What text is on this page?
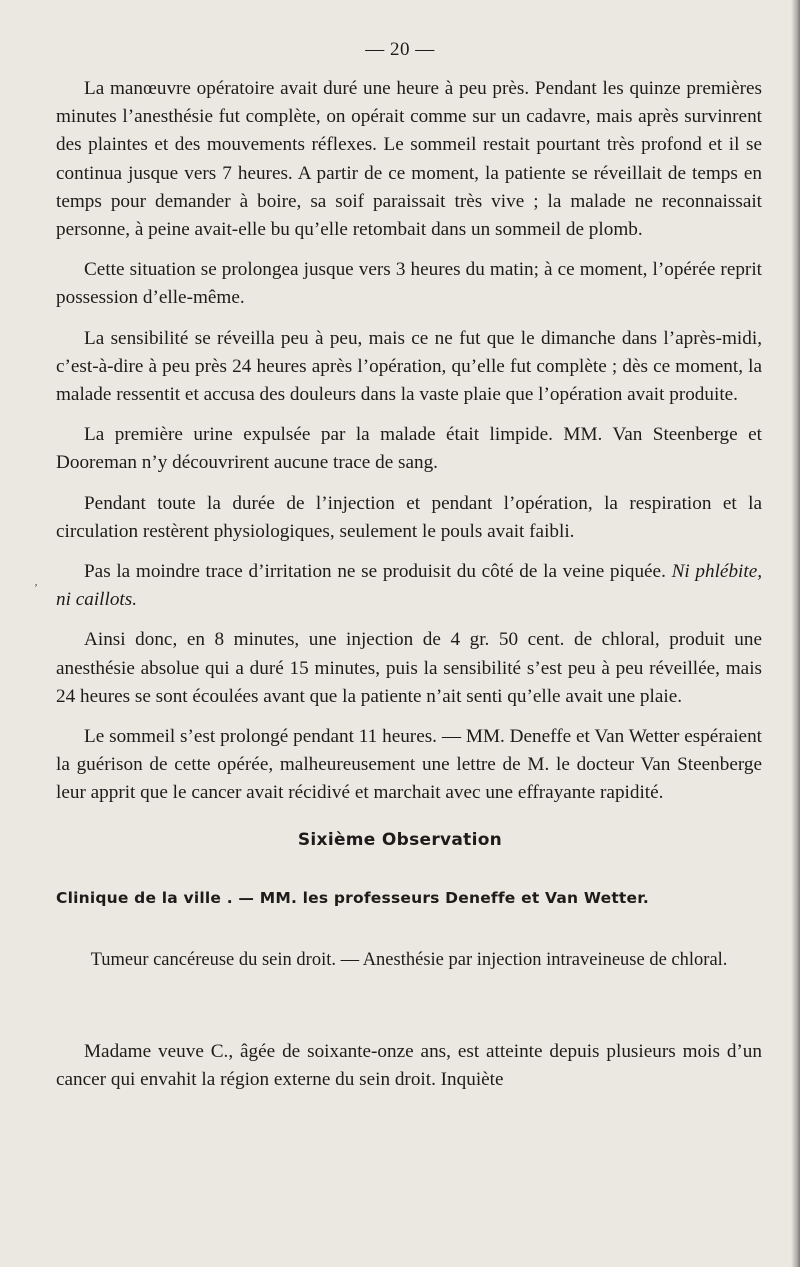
— 20 —

La manœuvre opératoire avait duré une heure à peu près. Pendant les quinze premières minutes l’anesthésie fut complète, on opérait comme sur un cadavre, mais après survinrent des plaintes et des mouvements réflexes. Le sommeil restait pourtant très profond et il se continua jusque vers 7 heures. A partir de ce moment, la patiente se réveillait de temps en temps pour demander à boire, sa soif paraissait très vive ; la malade ne reconnaissait personne, à peine avait-elle bu qu’elle retombait dans un sommeil de plomb.

Cette situation se prolongea jusque vers 3 heures du matin; à ce moment, l’opérée reprit possession d’elle-même.

La sensibilité se réveilla peu à peu, mais ce ne fut que le dimanche dans l’après-midi, c’est-à-dire à peu près 24 heures après l’opération, qu’elle fut complète ; dès ce moment, la malade ressentit et accusa des douleurs dans la vaste plaie que l’opération avait produite.

La première urine expulsée par la malade était limpide. MM. Van Steenberge et Dooreman n’y découvrirent aucune trace de sang.

Pendant toute la durée de l’injection et pendant l’opération, la respiration et la circulation restèrent physiologiques, seulement le pouls avait faibli.

Pas la moindre trace d’irritation ne se produisit du côté de la veine piquée. Ni phlébite, ni caillots.

Ainsi donc, en 8 minutes, une injection de 4 gr. 50 cent. de chloral, produit une anesthésie absolue qui a duré 15 minutes, puis la sensibilité s’est peu à peu réveillée, mais 24 heures se sont écoulées avant que la patiente n’ait senti qu’elle avait une plaie.

Le sommeil s’est prolongé pendant 11 heures. — MM. Deneffe et Van Wetter espéraient la guérison de cette opérée, malheureusement une lettre de M. le docteur Van Steenberge leur apprit que le cancer avait récidivé et marchait avec une effrayante rapidité.

ʼ
Sixième Observation
Clinique de la ville . — MM. les professeurs Deneffe et Van Wetter.
Tumeur cancéreuse du sein droit. — Anesthésie par injection intraveineuse de chloral.

Madame veuve C., âgée de soixante-onze ans, est atteinte depuis plusieurs mois d’un cancer qui envahit la région externe du sein droit. Inquiète
